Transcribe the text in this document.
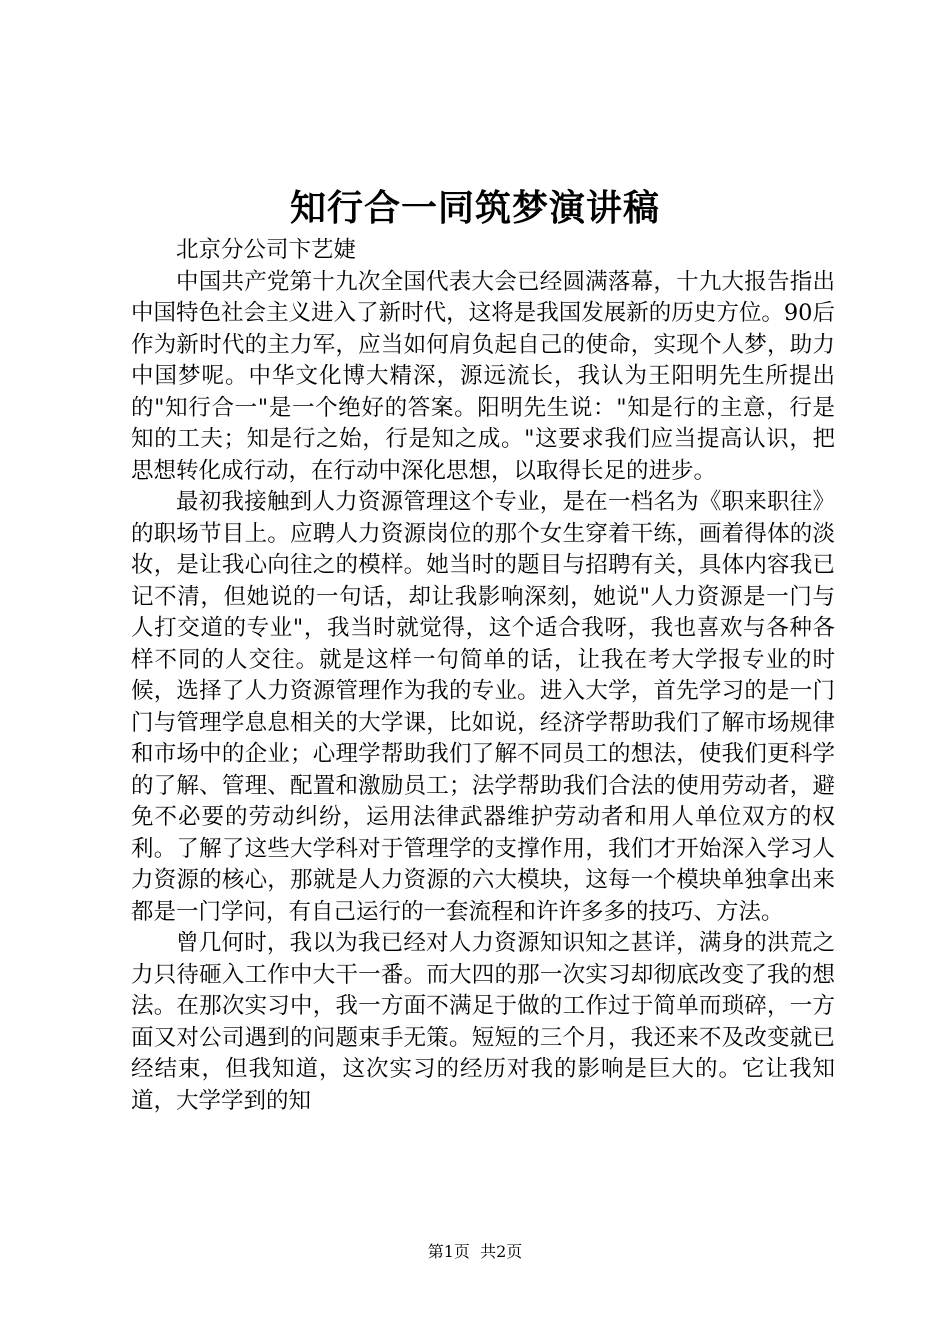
知行合一同筑梦演讲稿

北京分公司卞艺婕

中国共产党第十九次全国代表大会已经圆满落幕，十九大报告指出中国特色社会主义进入了新时代，这将是我国发展新的历史方位。90后作为新时代的主力军，应当如何肩负起自己的使命，实现个人梦，助力中国梦呢。中华文化博大精深，源远流长，我认为王阳明先生所提出的"知行合一"是一个绝好的答案。阳明先生说："知是行的主意，行是知的工夫；知是行之始，行是知之成。"这要求我们应当提高认识，把思想转化成行动，在行动中深化思想，以取得长足的进步。

最初我接触到人力资源管理这个专业，是在一档名为《职来职往》的职场节目上。应聘人力资源岗位的那个女生穿着干练，画着得体的淡妆，是让我心向往之的模样。她当时的题目与招聘有关，具体内容我已记不清，但她说的一句话，却让我影响深刻，她说"人力资源是一门与人打交道的专业"，我当时就觉得，这个适合我呀，我也喜欢与各种各样不同的人交往。就是这样一句简单的话，让我在考大学报专业的时候，选择了人力资源管理作为我的专业。进入大学，首先学习的是一门门与管理学息息相关的大学课，比如说，经济学帮助我们了解市场规律和市场中的企业；心理学帮助我们了解不同员工的想法，使我们更科学的了解、管理、配置和激励员工；法学帮助我们合法的使用劳动者，避免不必要的劳动纠纷，运用法律武器维护劳动者和用人单位双方的权利。了解了这些大学科对于管理学的支撑作用，我们才开始深入学习人力资源的核心，那就是人力资源的六大模块，这每一个模块单独拿出来都是一门学问，有自己运行的一套流程和许许多多的技巧、方法。

曾几何时，我以为我已经对人力资源知识知之甚详，满身的洪荒之力只待砸入工作中大干一番。而大四的那一次实习却彻底改变了我的想法。在那次实习中，我一方面不满足于做的工作过于简单而琐碎，一方面又对公司遇到的问题束手无策。短短的三个月，我还来不及改变就已经结束，但我知道，这次实习的经历对我的影响是巨大的。它让我知道，大学学到的知

第1页 共2页
